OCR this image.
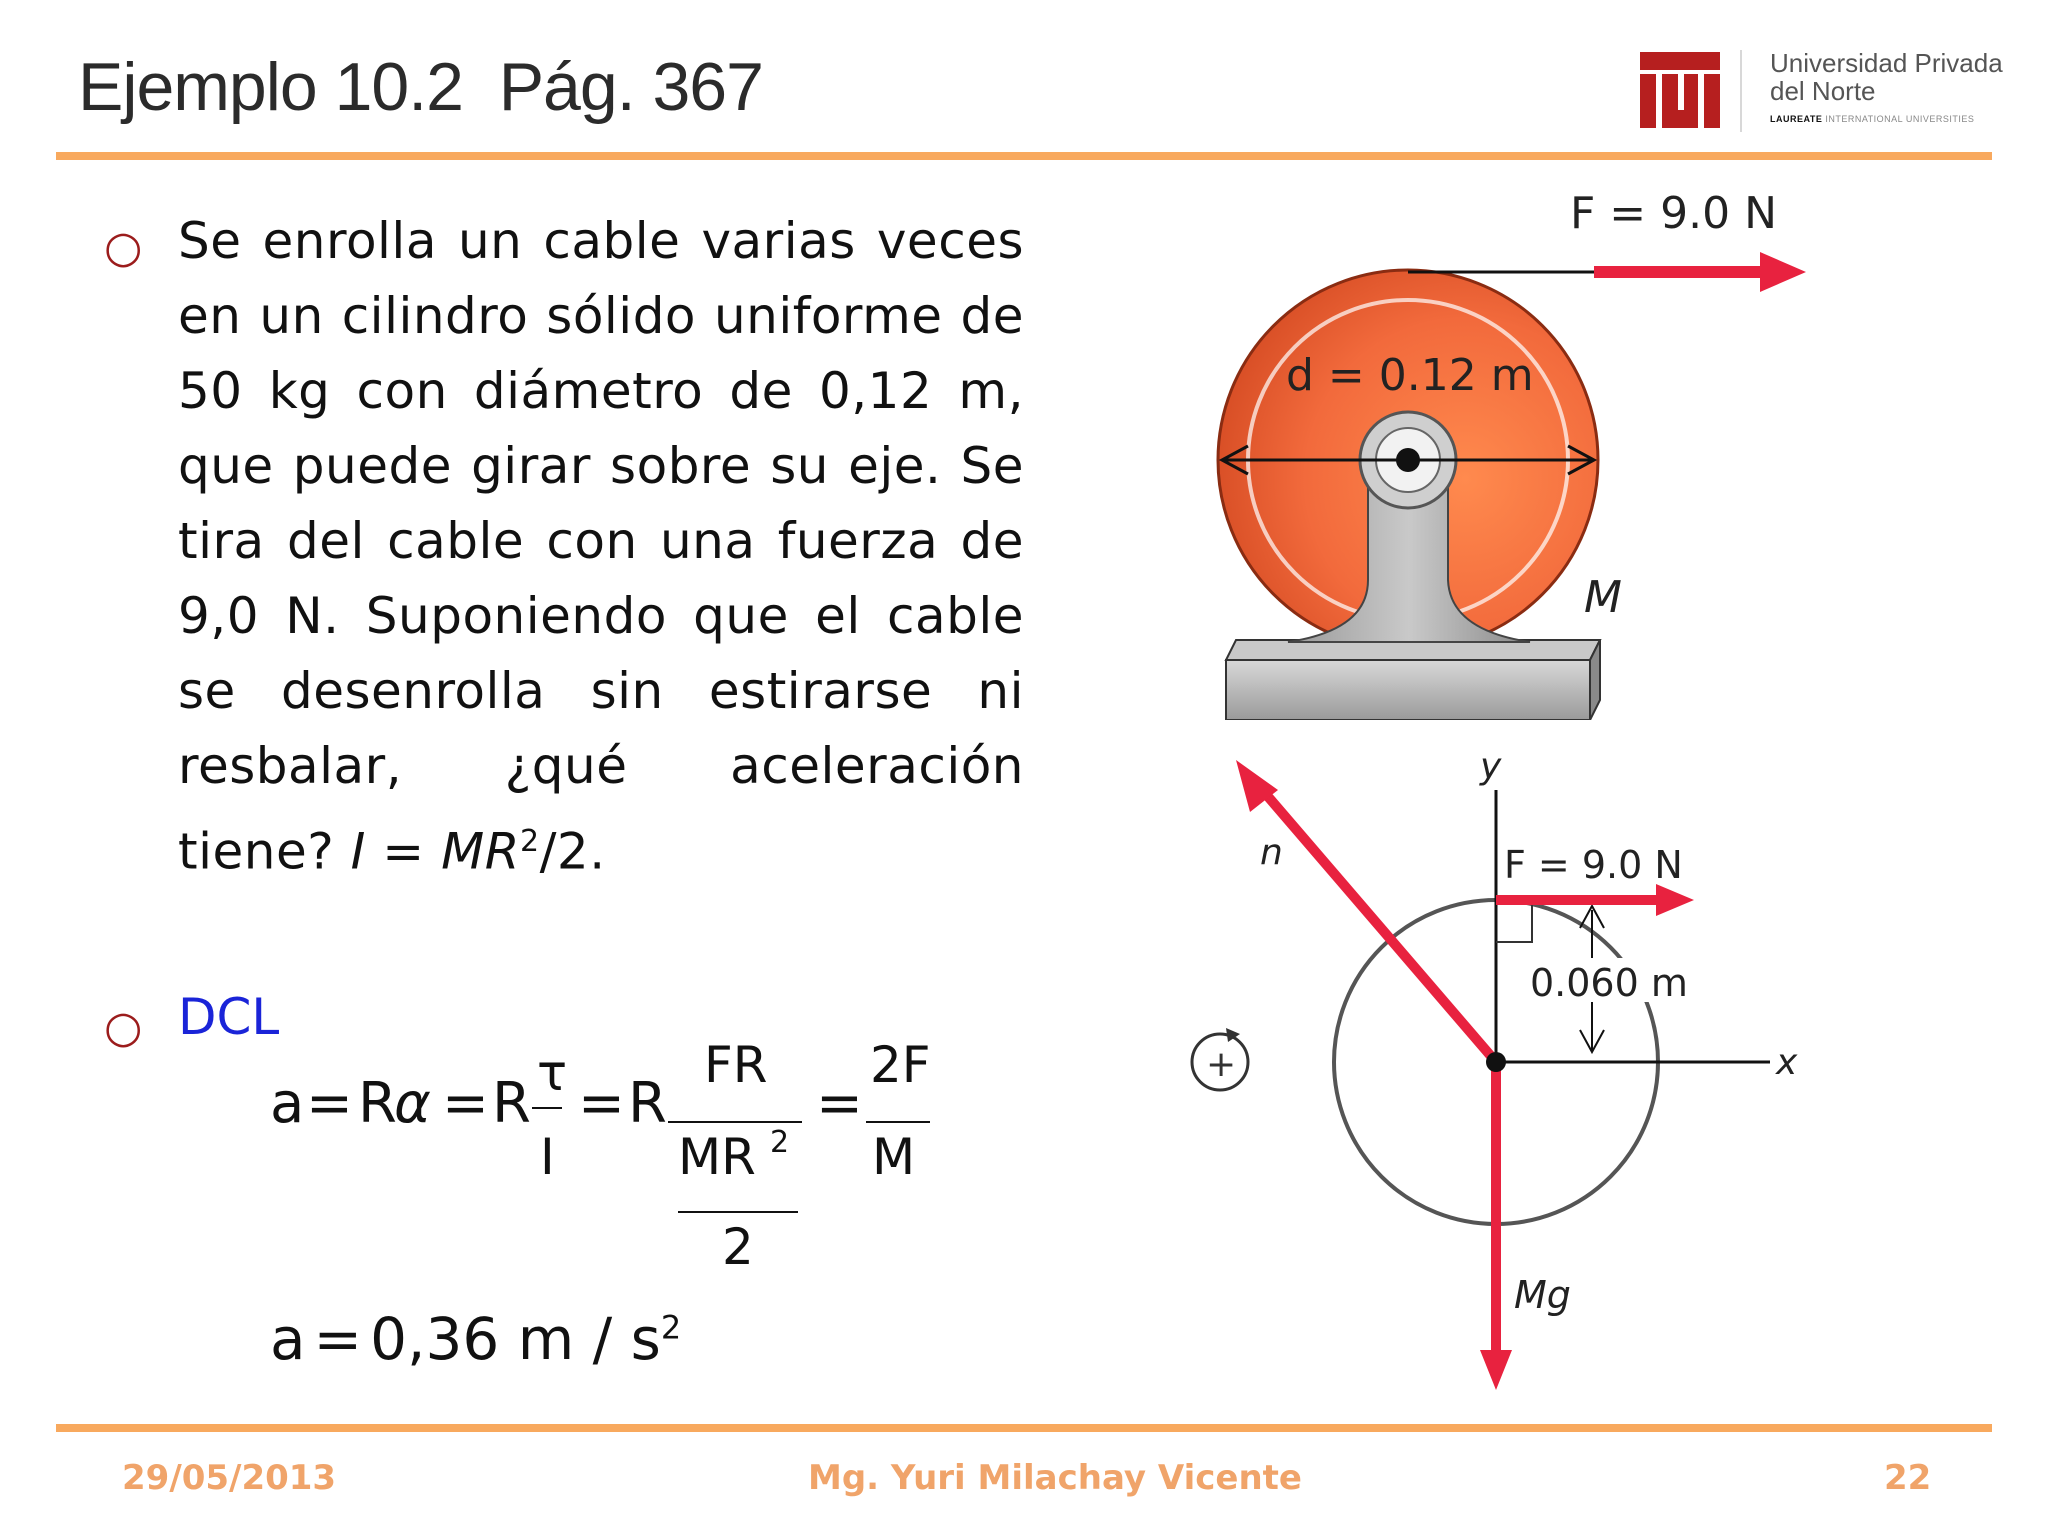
Ejemplo 10.2  Pág. 367	Universidad Privada
del Norte
LAUREATE INTERNATIONAL UNIVERSITIES
○ Se enrolla un cable varias veces en un cilindro sólido uniforme de 50 kg con diámetro de 0,12 m, que puede girar sobre su eje. Se tira del cable con una fuerza de 9,0 N. Suponiendo que el cable se desenrolla sin estirarse ni resbalar, ¿qué aceleración tiene? $I = MR^2/2$.
○ DCL
a = R
α = R τ
I
= R
FR
MR 2
2
=
2F
M
a = 0,36 m / $s^2$
d = 0.12 m
F = 9.0 N
M
y
x
0.060 m
F = 9.0 N
n
Mg
+
29/05/2013	Mg. Yuri Milachay Vicente	22
